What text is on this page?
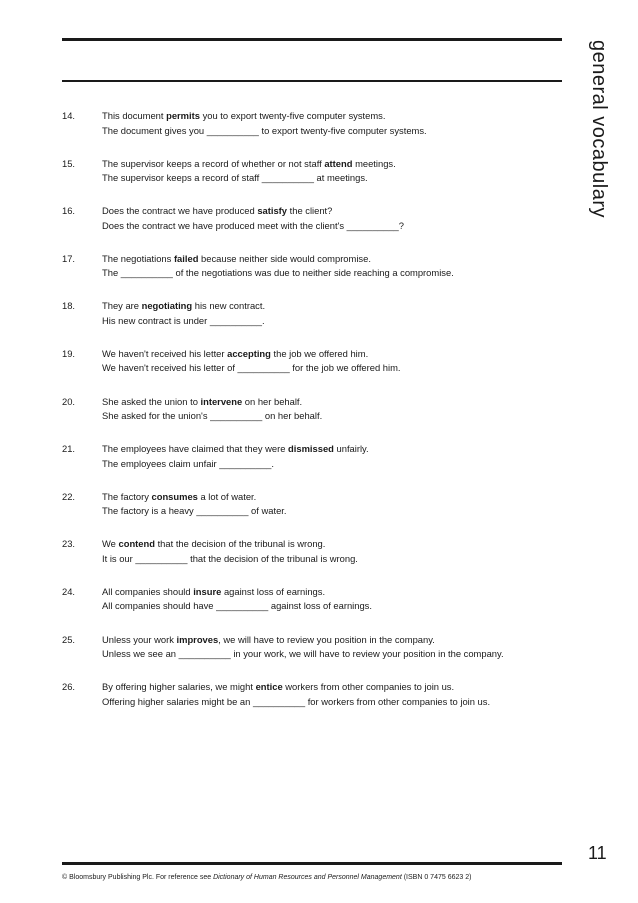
general vocabulary
14.	This document permits you to export twenty-five computer systems.
The document gives you __________ to export twenty-five computer systems.
15.	The supervisor keeps a record of whether or not staff attend meetings.
The supervisor keeps a record of staff __________ at meetings.
16.	Does the contract we have produced satisfy the client?
Does the contract we have produced meet with the client's __________?
17.	The negotiations failed because neither side would compromise.
The __________ of the negotiations was due to neither side reaching a compromise.
18.	They are negotiating his new contract.
His new contract is under __________.
19.	We haven't received his letter accepting the job we offered him.
We haven't received his letter of __________ for the job we offered him.
20.	She asked the union to intervene on her behalf.
She asked for the union's __________ on her behalf.
21.	The employees have claimed that they were dismissed unfairly.
The employees claim unfair __________.
22.	The factory consumes a lot of water.
The factory is a heavy __________ of water.
23.	We contend that the decision of the tribunal is wrong.
It is our __________ that the decision of the tribunal is wrong.
24.	All companies should insure against loss of earnings.
All companies should have __________ against loss of earnings.
25.	Unless your work improves, we will have to review you position in the company.
Unless we see an __________ in your work, we will have to review your position in the company.
26.	By offering higher salaries, we might entice workers from other companies to join us.
Offering higher salaries might be an __________ for workers from other companies to join us.
11
© Bloomsbury Publishing Plc. For reference see Dictionary of Human Resources and Personnel Management (ISBN 0 7475 6623 2)
